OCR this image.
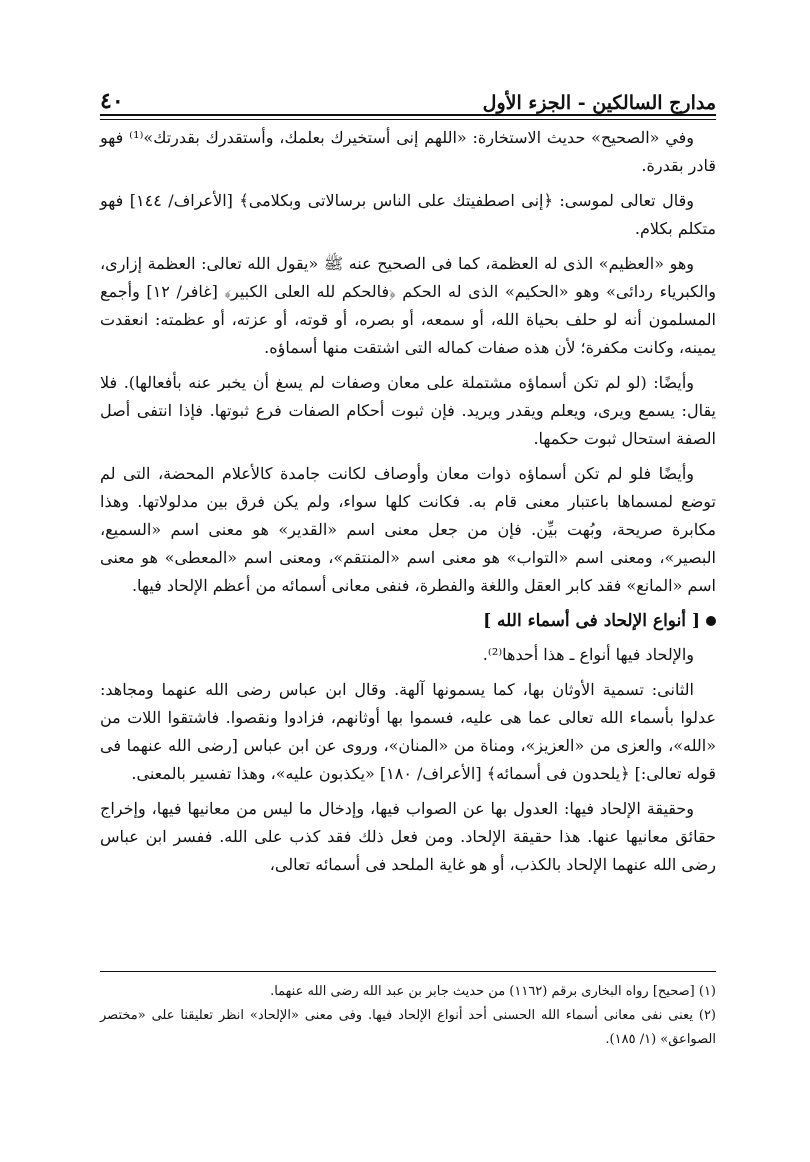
مدارج السالكين - الجزء الأول
٤٠

وفي «الصحيح» حديث الاستخارة: «اللهم إنى أستخيرك بعلمك، وأستقدرك بقدرتك»⁽¹⁾ فهو قادر بقدرة.

وقال تعالى لموسى: ﴿إنى اصطفيتك على الناس برسالاتى وبكلامى﴾ [الأعراف/ ١٤٤] فهو متكلم بكلام.

وهو «العظيم» الذى له العظمة، كما فى الصحيح عنه ﷺ «يقول الله تعالى: العظمة إزارى، والكبرياء ردائى» وهو «الحكيم» الذى له الحكم ﴿فالحكم لله العلى الكبير﴾ [غافر/ ١٢] وأجمع المسلمون أنه لو حلف بحياة الله، أو سمعه، أو بصره، أو قوته، أو عزته، أو عظمته: انعقدت يمينه، وكانت مكفرة؛ لأن هذه صفات كماله التى اشتقت منها أسماؤه.

وأيضًا: (لو لم تكن أسماؤه مشتملة على معان وصفات لم يسغ أن يخبر عنه بأفعالها). فلا يقال: يسمع ويرى، ويعلم ويقدر ويريد. فإن ثبوت أحكام الصفات فرع ثبوتها. فإذا انتفى أصل الصفة استحال ثبوت حكمها.

وأيضًا فلو لم تكن أسماؤه ذوات معان وأوصاف لكانت جامدة كالأعلام المحضة، التى لم توضع لمسماها باعتبار معنى قام به. فكانت كلها سواء، ولم يكن فرق بين مدلولاتها. وهذا مكابرة صريحة، وبُهت بيِّن. فإن من جعل معنى اسم «القدير» هو معنى اسم «السميع، البصير»، ومعنى اسم «التواب» هو معنى اسم «المنتقم»، ومعنى اسم «المعطى» هو معنى اسم «المانع» فقد كابر العقل واللغة والفطرة، فنفى معانى أسمائه من أعظم الإلحاد فيها.

[ أنواع الإلحاد فى أسماء الله ]

والإلحاد فيها أنواع ـ هذا أحدها⁽²⁾.

الثانى: تسمية الأوثان بها، كما يسمونها آلهة. وقال ابن عباس رضى الله عنهما ومجاهد: عدلوا بأسماء الله تعالى عما هى عليه، فسموا بها أوثانهم، فزادوا ونقصوا. فاشتقوا اللات من «الله»، والعزى من «العزيز»، ومناة من «المنان»، وروى عن ابن عباس [رضى الله عنهما فى قوله تعالى:] ﴿يلحدون فى أسمائه﴾ [الأعراف/ ١٨٠] «يكذبون عليه»، وهذا تفسير بالمعنى.

وحقيقة الإلحاد فيها: العدول بها عن الصواب فيها، وإدخال ما ليس من معانيها فيها، وإخراج حقائق معانيها عنها. هذا حقيقة الإلحاد. ومن فعل ذلك فقد كذب على الله. ففسر ابن عباس رضى الله عنهما الإلحاد بالكذب، أو هو غاية الملحد فى أسمائه تعالى،

(١) [صحيح] رواه البخارى برقم (١١٦٢) من حديث جابر بن عبد الله رضى الله عنهما.

(٢) يعنى نفى معانى أسماء الله الحسنى أحد أنواع الإلحاد فيها. وفى معنى «الإلحاد» انظر تعليقنا على «مختصر الصواعق» (١/ ١٨٥).
